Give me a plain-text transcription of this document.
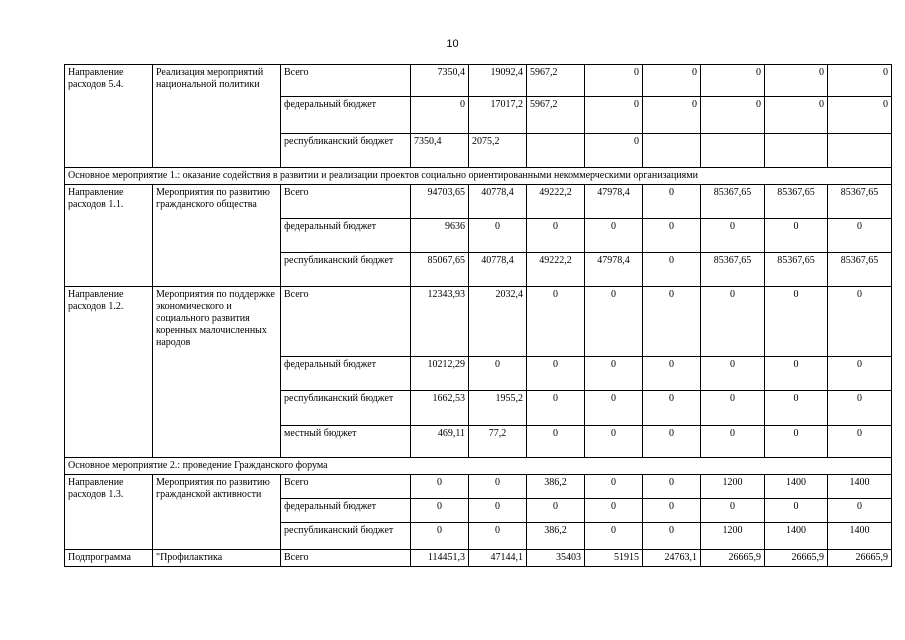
10
Направление расходов 5.4.	Реализация мероприятий национальной политики	Всего	7350,4	19092,4	5967,2	0	0	0	0	0
		федеральный бюджет	0	17017,2	5967,2	0	0	0	0	0
		республиканский бюджет	7350,4	2075,2		0				
Основное мероприятие 1.: оказание содействия в развитии и реализации проектов социально ориентированными некоммерческими организациями										
Направление расходов 1.1.	Мероприятия по развитию гражданского общества	Всего	94703,65	40778,4	49222,2	47978,4	0	85367,65	85367,65	85367,65
		федеральный бюджет	9636	0	0	0	0	0	0	0
		республиканский бюджет	85067,65	40778,4	49222,2	47978,4	0	85367,65	85367,65	85367,65
Направление расходов 1.2.	Мероприятия по поддержке экономического и социального развития коренных малочисленных народов	Всего	12343,93	2032,4	0	0	0	0	0	0
		федеральный бюджет	10212,29	0	0	0	0	0	0	0
		республиканский бюджет	1662,53	1955,2	0	0	0	0	0	0
		местный бюджет	469,11	77,2	0	0	0	0	0	0
Основное мероприятие 2.: проведение Гражданского форума										
Направление расходов 1.3.	Мероприятия по развитию гражданской активности	Всего	0	0	386,2	0	0	1200	1400	1400
		федеральный бюджет	0	0	0	0	0	0	0	0
		республиканский бюджет	0	0	386,2	0	0	1200	1400	1400
Подпрограмма	"Профилактика	Всего	114451,3	47144,1	35403	51915	24763,1	26665,9	26665,9	26665,9
